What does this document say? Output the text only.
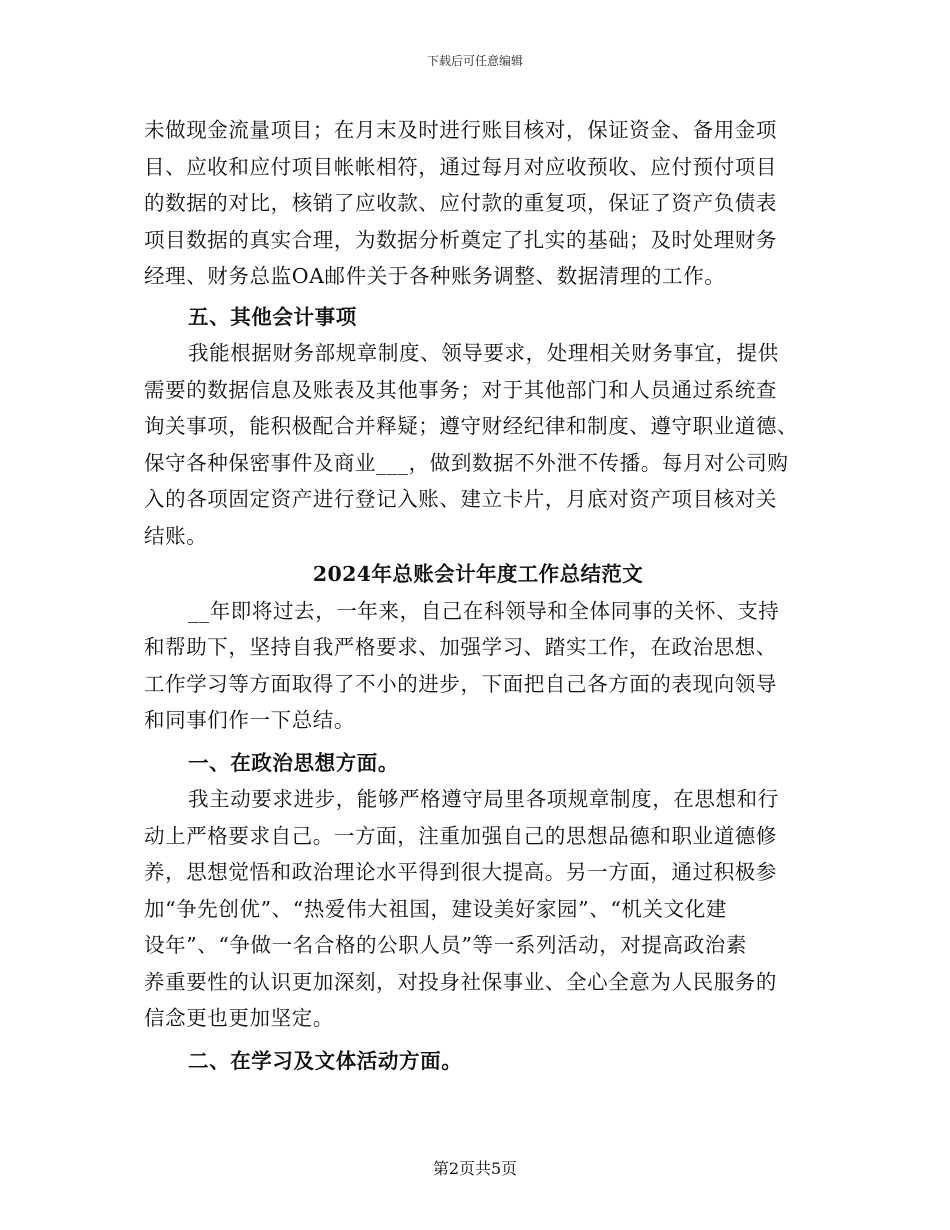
下载后可任意编辑
未做现金流量项目；在月末及时进行账目核对，保证资金、备用金项
目、应收和应付项目帐帐相符，通过每月对应收预收、应付预付项目
的数据的对比，核销了应收款、应付款的重复项，保证了资产负债表
项目数据的真实合理，为数据分析奠定了扎实的基础；及时处理财务
经理、财务总监OA邮件关于各种账务调整、数据清理的工作。
五、其他会计事项
我能根据财务部规章制度、领导要求，处理相关财务事宜，提供
需要的数据信息及账表及其他事务；对于其他部门和人员通过系统查
询关事项，能积极配合并释疑；遵守财经纪律和制度、遵守职业道德、
保守各种保密事件及商业___，做到数据不外泄不传播。每月对公司购
入的各项固定资产进行登记入账、建立卡片，月底对资产项目核对关
结账。
2024年总账会计年度工作总结范文
__年即将过去，一年来，自己在科领导和全体同事的关怀、支持
和帮助下，坚持自我严格要求、加强学习、踏实工作，在政治思想、
工作学习等方面取得了不小的进步，下面把自己各方面的表现向领导
和同事们作一下总结。
一、在政治思想方面。
我主动要求进步，能够严格遵守局里各项规章制度，在思想和行
动上严格要求自己。一方面，注重加强自己的思想品德和职业道德修
养，思想觉悟和政治理论水平得到很大提高。另一方面，通过积极参
加“争先创优”、“热爱伟大祖国，建设美好家园”、“机关文化建
设年”、“争做一名合格的公职人员”等一系列活动，对提高政治素
养重要性的认识更加深刻，对投身社保事业、全心全意为人民服务的
信念更也更加坚定。
二、在学习及文体活动方面。
第2页共5页
